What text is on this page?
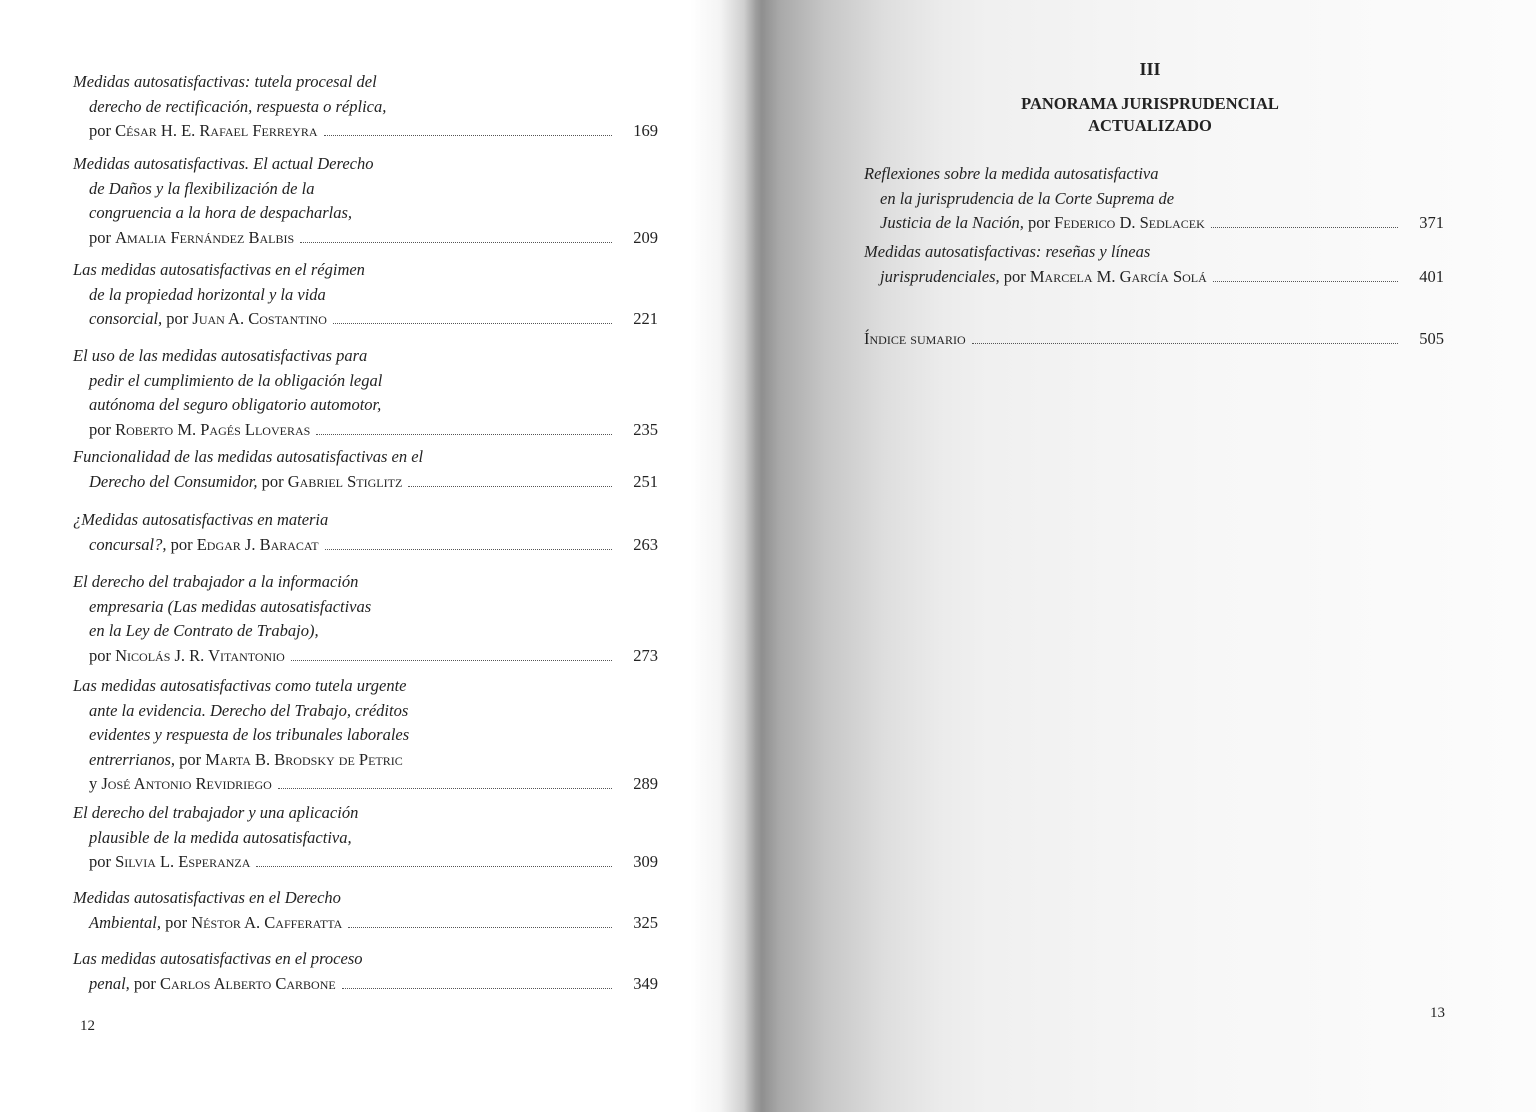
Medidas autosatisfactivas: tutela procesal del
derecho de rectificación, respuesta o réplica,
por César H. E. Rafael Ferreyra	169
Medidas autosatisfactivas. El actual Derecho
de Daños y la flexibilización de la
congruencia a la hora de despacharlas,
por Amalia Fernández Balbis	209
Las medidas autosatisfactivas en el régimen
de la propiedad horizontal y la vida
consorcial, por Juan A. Costantino	221
El uso de las medidas autosatisfactivas para
pedir el cumplimiento de la obligación legal
autónoma del seguro obligatorio automotor,
por Roberto M. Pagés Lloveras	235
Funcionalidad de las medidas autosatisfactivas en el
Derecho del Consumidor, por Gabriel Stiglitz	251
¿Medidas autosatisfactivas en materia
concursal?, por Edgar J. Baracat	263
El derecho del trabajador a la información
empresaria (Las medidas autosatisfactivas
en la Ley de Contrato de Trabajo),
por Nicolás J. R. Vitantonio	273
Las medidas autosatisfactivas como tutela urgente
ante la evidencia. Derecho del Trabajo, créditos
evidentes y respuesta de los tribunales laborales
entrerrianos, por Marta B. Brodsky de Petric
y José Antonio Revidriego	289
El derecho del trabajador y una aplicación
plausible de la medida autosatisfactiva,
por Silvia L. Esperanza	309
Medidas autosatisfactivas en el Derecho
Ambiental, por Néstor A. Cafferatta	325
Las medidas autosatisfactivas en el proceso
penal, por Carlos Alberto Carbone	349
12
III
PANORAMA JURISPRUDENCIAL
ACTUALIZADO
Reflexiones sobre la medida autosatisfactiva
en la jurisprudencia de la Corte Suprema de
Justicia de la Nación, por Federico D. Sedlacek	371
Medidas autosatisfactivas: reseñas y líneas
jurisprudenciales, por Marcela M. García Solá	401
Índice sumario	505
13
